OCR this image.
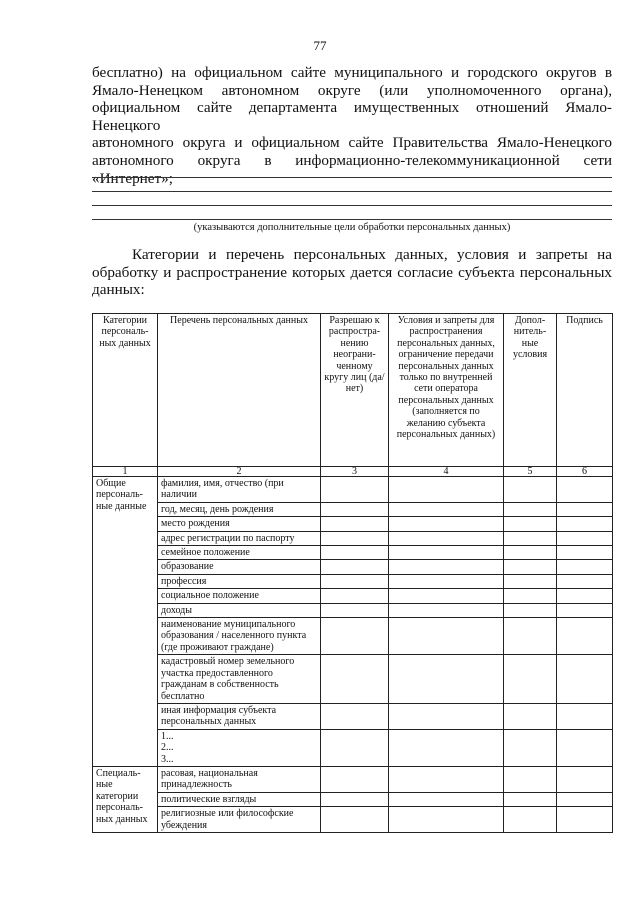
77

бесплатно) на официальном сайте муниципального и городского округов в

Ямало-Ненецком автономном округе (или уполномоченного органа),

официальном сайте департамента имущественных отношений Ямало-Ненецкого

автономного округа и официальном сайте Правительства Ямало-Ненецкого

автономного округа в информационно-телекоммуникационной сети

«Интернет»;

(указываются дополнительные цели обработки персональных данных)

Категории и перечень персональных данных, условия и запреты на

обработку и распространение которых дается согласие субъекта персональных

данных:

Категории персональ-ных данных	Перечень персональных данных	Разрешаю к распростра-нению неограни-ченному кругу лиц (да/нет)	Условия и запреты для распространения персональных данных, ограничение передачи персональных данных только по внутренней сети оператора персональных данных (заполняется по желанию субъекта персональных данных)	Допол-нитель-ные условия	Подпись
1	2	3	4	5	6
Общие персональ-ные данные	фамилия, имя, отчество (при наличии				
	год, месяц, день рождения				
	место рождения				
	адрес регистрации по паспорту				
	семейное положение				
	образование				
	профессия				
	социальное положение				
	доходы				
	наименование муниципального образования / населенного пункта (где проживают граждане)				
	кадастровый номер земельного участка предоставленного гражданам в собственность бесплатно				
	иная информация субъекта персональных данных				
	1...
2...
3...				
Специаль-ные категории персональ-ных данных	расовая, национальная принадлежность				
	политические взгляды				
	религиозные или философские убеждения				
